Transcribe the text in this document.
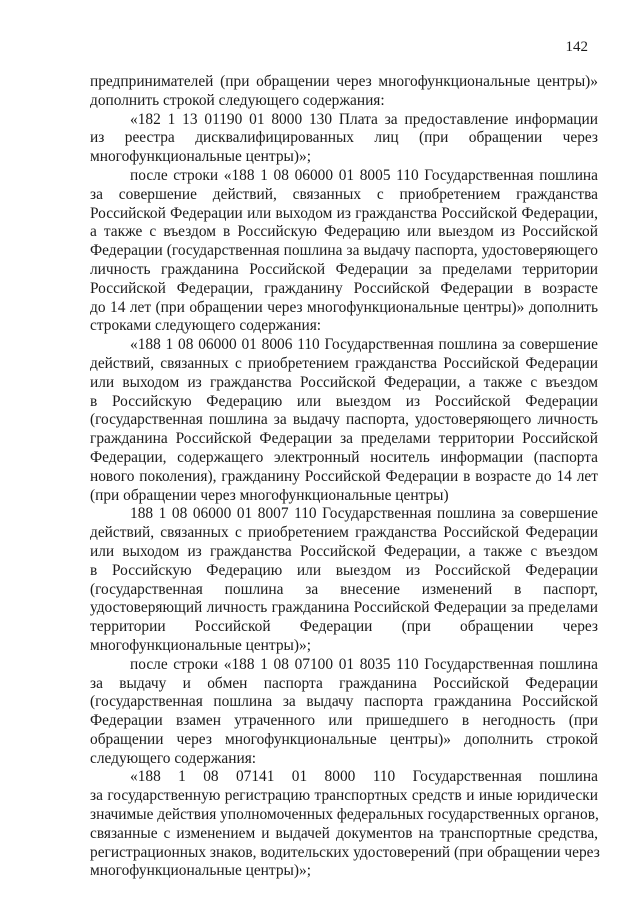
142
предпринимателей (при обращении через многофункциональные центры)»
дополнить строкой следующего содержания:
«182 1 13 01190 01 8000 130 Плата за предоставление информации
из реестра дисквалифицированных лиц (при обращении через
многофункциональные центры)»;
после строки «188 1 08 06000 01 8005 110 Государственная пошлина
за совершение действий, связанных с приобретением гражданства
Российской Федерации или выходом из гражданства Российской Федерации,
а также с въездом в Российскую Федерацию или выездом из Российской
Федерации (государственная пошлина за выдачу паспорта, удостоверяющего
личность гражданина Российской Федерации за пределами территории
Российской Федерации, гражданину Российской Федерации в возрасте
до 14 лет (при обращении через многофункциональные центры)» дополнить
строками следующего содержания:
«188 1 08 06000 01 8006 110 Государственная пошлина за совершение
действий, связанных с приобретением гражданства Российской Федерации
или выходом из гражданства Российской Федерации, а также с въездом
в Российскую Федерацию или выездом из Российской Федерации
(государственная пошлина за выдачу паспорта, удостоверяющего личность
гражданина Российской Федерации за пределами территории Российской
Федерации, содержащего электронный носитель информации (паспорта
нового поколения), гражданину Российской Федерации в возрасте до 14 лет
(при обращении через многофункциональные центры)
188 1 08 06000 01 8007 110 Государственная пошлина за совершение
действий, связанных с приобретением гражданства Российской Федерации
или выходом из гражданства Российской Федерации, а также с въездом
в Российскую Федерацию или выездом из Российской Федерации
(государственная пошлина за внесение изменений в паспорт,
удостоверяющий личность гражданина Российской Федерации за пределами
территории Российской Федерации (при обращении через
многофункциональные центры)»;
после строки «188 1 08 07100 01 8035 110 Государственная пошлина
за выдачу и обмен паспорта гражданина Российской Федерации
(государственная пошлина за выдачу паспорта гражданина Российской
Федерации взамен утраченного или пришедшего в негодность (при
обращении через многофункциональные центры)» дополнить строкой
следующего содержания:
«188 1 08 07141 01 8000 110 Государственная пошлина
за государственную регистрацию транспортных средств и иные юридически
значимые действия уполномоченных федеральных государственных органов,
связанные с изменением и выдачей документов на транспортные средства,
регистрационных знаков, водительских удостоверений (при обращении через
многофункциональные центры)»;
